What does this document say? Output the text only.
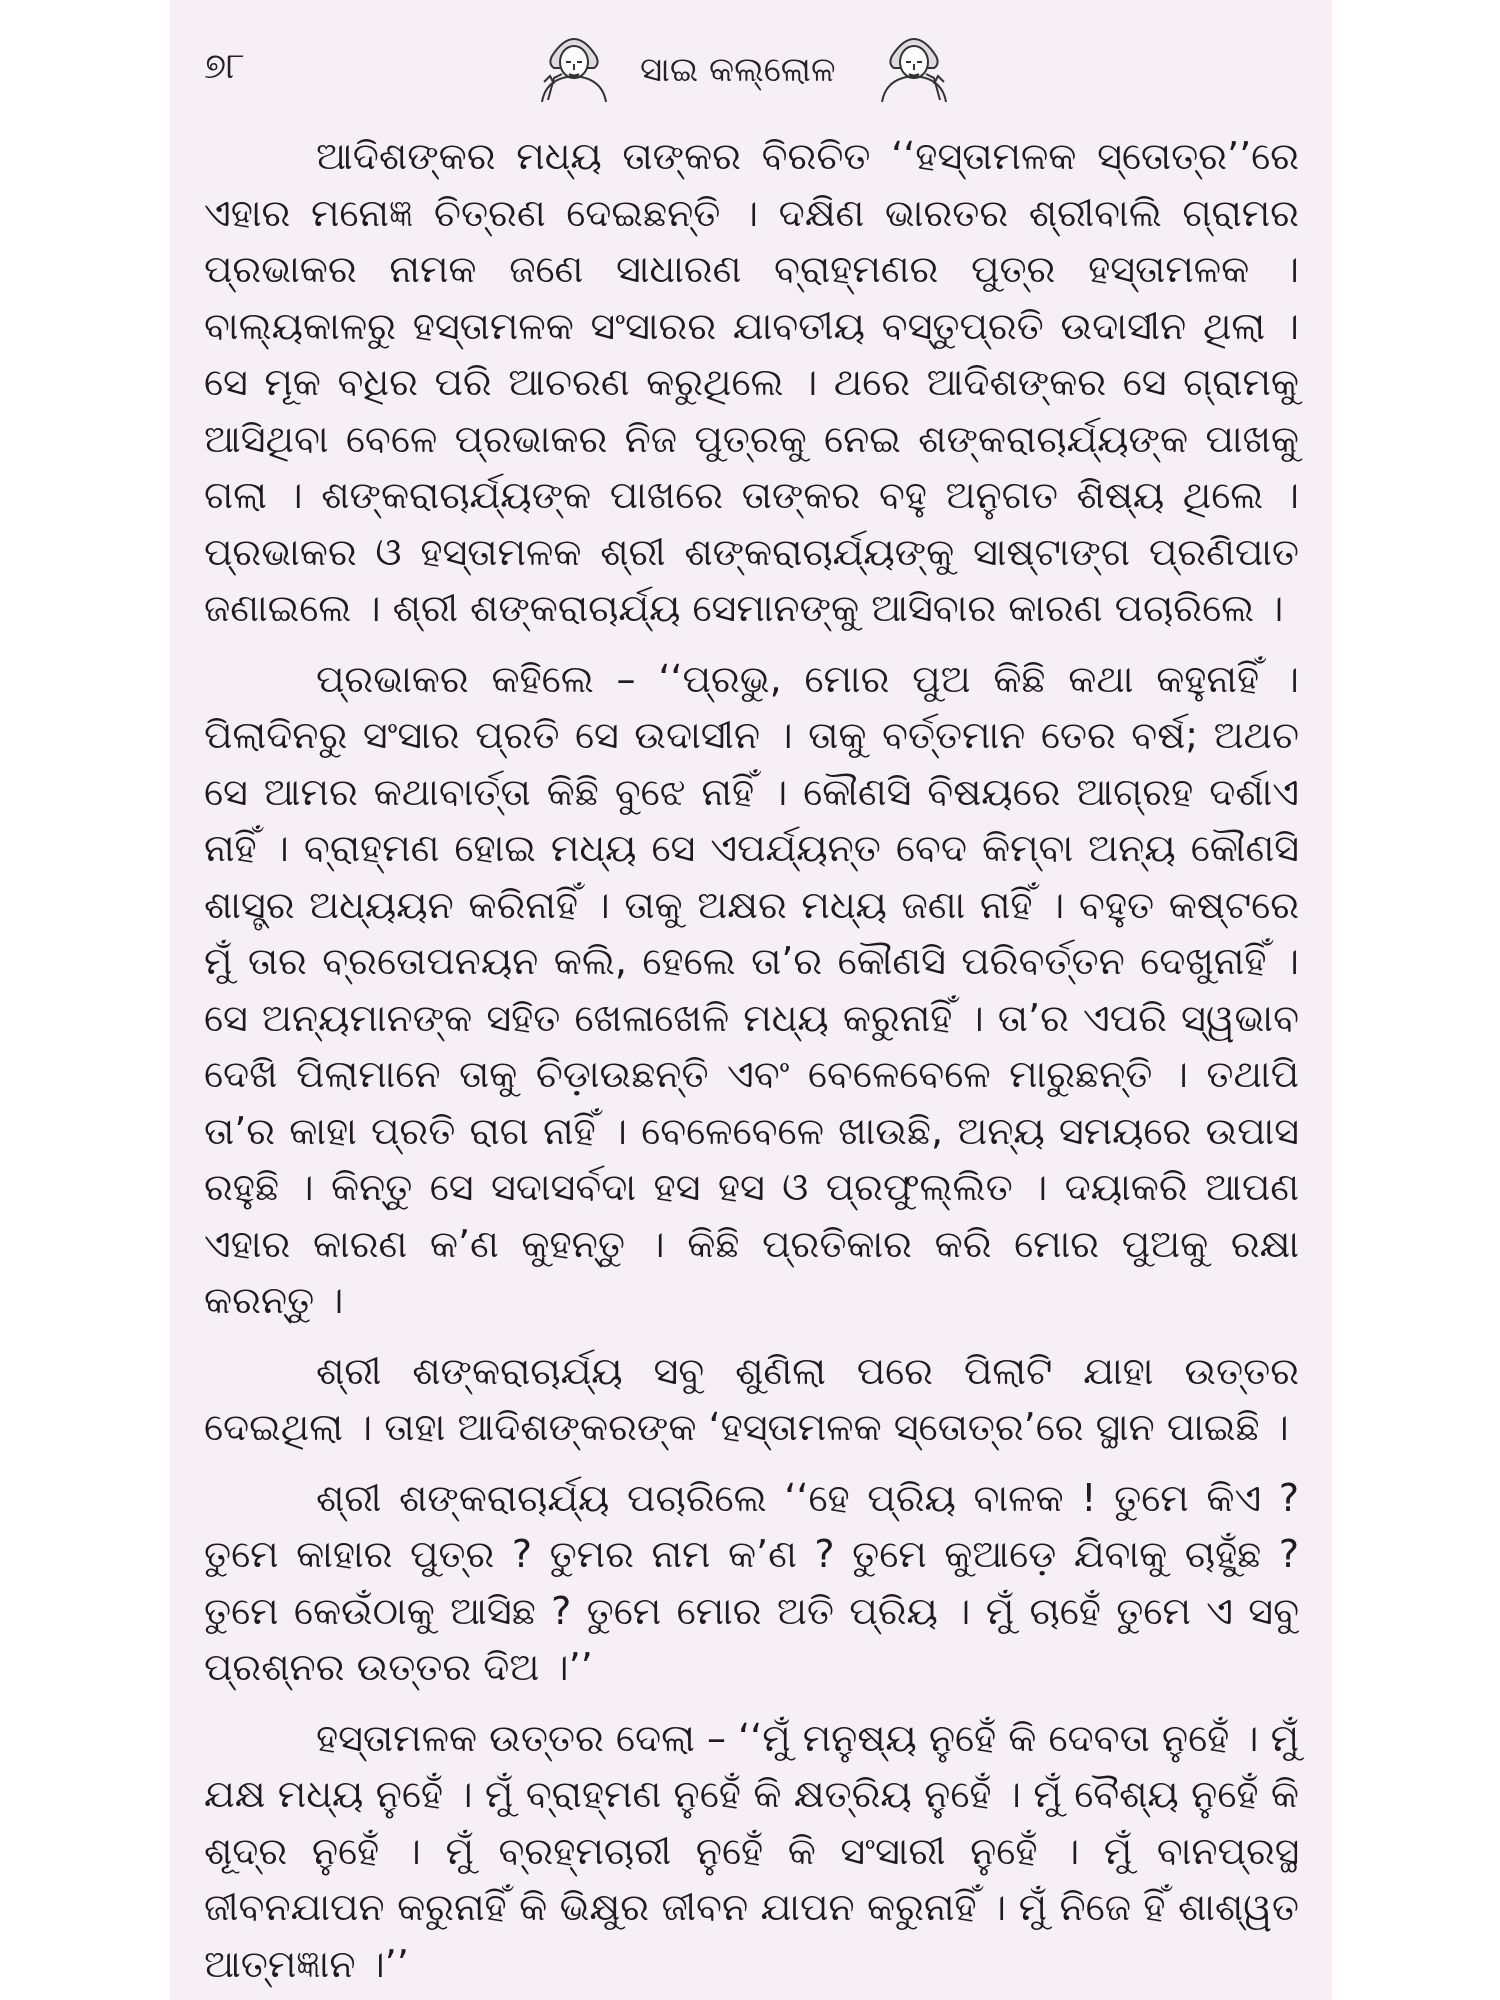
୭୮	ସାଇ କଲ୍ଲୋଳ

ଆଦିଶଙ୍କର ମଧ୍ୟ ତାଙ୍କର ବିରଚିତ ‘‘ହସ୍ତାମଳକ ସ୍ତୋତ୍ର’’ରେ ଏହାର ମନୋଜ୍ଞ ଚିତ୍ରଣ ଦେଇଛନ୍ତି । ଦକ୍ଷିଣ ଭାରତର ଶ୍ରୀବାଲି ଗ୍ରାମର ପ୍ରଭାକର ନାମକ ଜଣେ ସାଧାରଣ ବ୍ରାହ୍ମଣର ପୁତ୍ର ହସ୍ତାମଳକ । ବାଲ୍ୟକାଳରୁ ହସ୍ତାମଳକ ସଂସାରର ଯାବତୀୟ ବସ୍ତୁପ୍ରତି ଉଦାସୀନ ଥିଲା । ସେ ମୂକ ବଧିର ପରି ଆଚରଣ କରୁଥିଲେ । ଥରେ ଆଦିଶଙ୍କର ସେ ଗ୍ରାମକୁ ଆସିଥିବା ବେଳେ ପ୍ରଭାକର ନିଜ ପୁତ୍ରକୁ ନେଇ ଶଙ୍କରାଚାର୍ଯ୍ୟଙ୍କ ପାଖକୁ ଗଲା । ଶଙ୍କରାଚାର୍ଯ୍ୟଙ୍କ ପାଖରେ ତାଙ୍କର ବହୁ ଅନୁଗତ ଶିଷ୍ୟ ଥିଲେ । ପ୍ରଭାକର ଓ ହସ୍ତାମଳକ ଶ୍ରୀ ଶଙ୍କରାଚାର୍ଯ୍ୟଙ୍କୁ ସାଷ୍ଟାଙ୍ଗ ପ୍ରଣିପାତ ଜଣାଇଲେ । ଶ୍ରୀ ଶଙ୍କରାଚାର୍ଯ୍ୟ ସେମାନଙ୍କୁ ଆସିବାର କାରଣ ପଚାରିଲେ ।

ପ୍ରଭାକର କହିଲେ – ‘‘ପ୍ରଭୁ, ମୋର ପୁଅ କିଛି କଥା କହୁନାହିଁ । ପିଲାଦିନରୁ ସଂସାର ପ୍ରତି ସେ ଉଦାସୀନ । ତାକୁ ବର୍ତ୍ତମାନ ତେର ବର୍ଷ; ଅଥଚ ସେ ଆମର କଥାବାର୍ତ୍ତା କିଛି ବୁଝେ ନାହିଁ । କୌଣସି ବିଷୟରେ ଆଗ୍ରହ ଦର୍ଶାଏ ନାହିଁ । ବ୍ରାହ୍ମଣ ହୋଇ ମଧ୍ୟ ସେ ଏପର୍ଯ୍ୟନ୍ତ ବେଦ କିମ୍ବା ଅନ୍ୟ କୌଣସି ଶାସ୍ତ୍ର ଅଧ୍ୟୟନ କରିନାହିଁ । ତାକୁ ଅକ୍ଷର ମଧ୍ୟ ଜଣା ନାହିଁ । ବହୁତ କଷ୍ଟରେ ମୁଁ ତାର ବ୍ରତୋପନୟନ କଲି, ହେଲେ ତା’ର କୌଣସି ପରିବର୍ତ୍ତନ ଦେଖୁନାହିଁ । ସେ ଅନ୍ୟମାନଙ୍କ ସହିତ ଖେଳାଖେଳି ମଧ୍ୟ କରୁନାହିଁ । ତା’ର ଏପରି ସ୍ୱଭାବ ଦେଖି ପିଲାମାନେ ତାକୁ ଚିଡ଼ାଉଛନ୍ତି ଏବଂ ବେଳେବେଳେ ମାରୁଛନ୍ତି । ତଥାପି ତା’ର କାହା ପ୍ରତି ରାଗ ନାହିଁ । ବେଳେବେଳେ ଖାଉଛି, ଅନ୍ୟ ସମୟରେ ଉପାସ ରହୁଛି । କିନ୍ତୁ ସେ ସଦାସର୍ବଦା ହସ ହସ ଓ ପ୍ରଫୁଲ୍ଲିତ । ଦୟାକରି ଆପଣ ଏହାର କାରଣ କ’ଣ କୁହନ୍ତୁ । କିଛି ପ୍ରତିକାର କରି ମୋର ପୁଅକୁ ରକ୍ଷା କରନ୍ତୁ ।

ଶ୍ରୀ ଶଙ୍କରାଚାର୍ଯ୍ୟ ସବୁ ଶୁଣିଲା ପରେ ପିଲାଟି ଯାହା ଉତ୍ତର ଦେଇଥିଲା । ତାହା ଆଦିଶଙ୍କରଙ୍କ ‘ହସ୍ତାମଳକ ସ୍ତୋତ୍ର’ରେ ସ୍ଥାନ ପାଇଛି ।

ଶ୍ରୀ ଶଙ୍କରାଚାର୍ଯ୍ୟ ପଚାରିଲେ ‘‘ହେ ପ୍ରିୟ ବାଳକ ! ତୁମେ କିଏ ? ତୁମେ କାହାର ପୁତ୍ର ? ତୁମର ନାମ କ’ଣ ? ତୁମେ କୁଆଡ଼େ ଯିବାକୁ ଚାହୁଁଛ ? ତୁମେ କେଉଁଠାକୁ ଆସିଛ ? ତୁମେ ମୋର ଅତି ପ୍ରିୟ । ମୁଁ ଚାହେଁ ତୁମେ ଏ ସବୁ ପ୍ରଶ୍ନର ଉତ୍ତର ଦିଅ ।’’

ହସ୍ତାମଳକ ଉତ୍ତର ଦେଲା – ‘‘ମୁଁ ମନୁଷ୍ୟ ନୁହେଁ କି ଦେବତା ନୁହେଁ । ମୁଁ ଯକ୍ଷ ମଧ୍ୟ ନୁହେଁ । ମୁଁ ବ୍ରାହ୍ମଣ ନୁହେଁ କି କ୍ଷତ୍ରିୟ ନୁହେଁ । ମୁଁ ବୈଶ୍ୟ ନୁହେଁ କି ଶୂଦ୍ର ନୁହେଁ । ମୁଁ ବ୍ରହ୍ମଚାରୀ ନୁହେଁ କି ସଂସାରୀ ନୁହେଁ । ମୁଁ ବାନପ୍ରସ୍ଥ ଜୀବନଯାପନ କରୁନାହିଁ କି ଭିକ୍ଷୁର ଜୀବନ ଯାପନ କରୁନାହିଁ । ମୁଁ ନିଜେ ହିଁ ଶାଶ୍ୱତ ଆତ୍ମଜ୍ଞାନ ।’’
